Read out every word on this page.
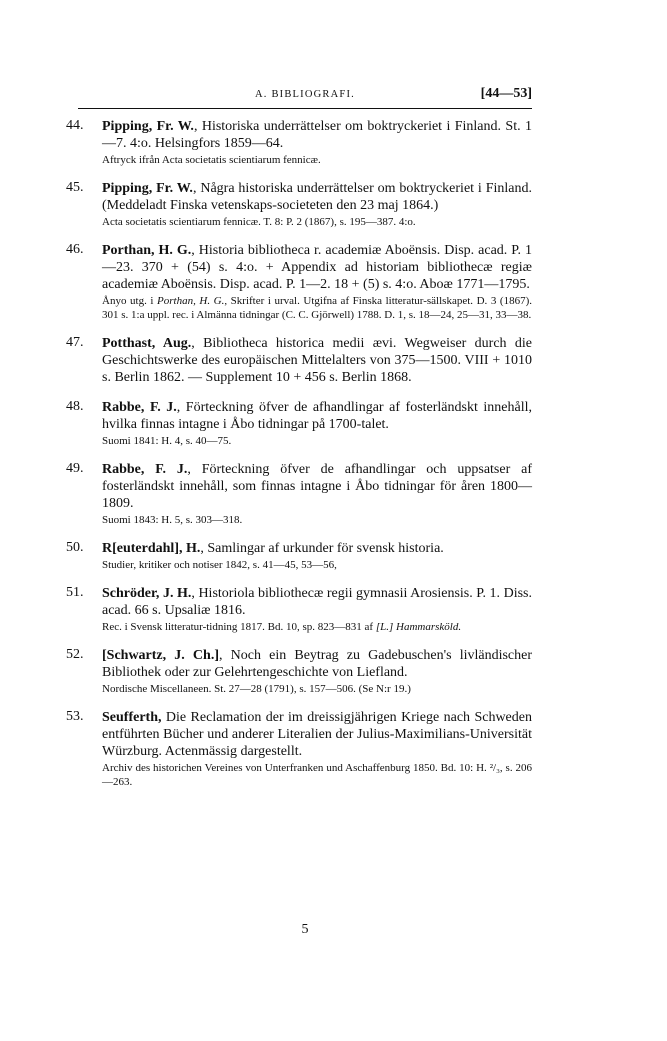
A. BIBLIOGRAFI.	[44—53]
44. Pipping, Fr. W., Historiska underrättelser om boktryckeriet i Finland. St. 1—7. 4:o. Helsingfors 1859—64.
Aftryck ifrån Acta societatis scientiarum fennicæ.
45. Pipping, Fr. W., Några historiska underrättelser om boktryckeriet i Finland. (Meddeladt Finska vetenskaps-societeten den 23 maj 1864.)
Acta societatis scientiarum fennicæ. T. 8: P. 2 (1867), s. 195—387. 4:o.
46. Porthan, H. G., Historia bibliotheca r. academiæ Aboënsis. Disp. acad. P. 1—23. 370 + (54) s. 4:o. + Appendix ad historiam bibliothecæ regiæ academiæ Aboënsis. Disp. acad. P. 1—2. 18 + (5) s. 4:o. Aboæ 1771—1795.
Ånyo utg. i Porthan, H. G., Skrifter i urval. Utgifna af Finska litteratur-sällskapet. D. 3 (1867). 301 s. 1:a uppl. rec. i Almänna tidningar (C. C. Gjörwell) 1788. D. 1, s. 18—24, 25—31, 33—38.
47. Potthast, Aug., Bibliotheca historica medii ævi. Wegweiser durch die Geschichtswerke des europäischen Mittelalters von 375—1500. VIII + 1010 s. Berlin 1862. — Supplement 10 + 456 s. Berlin 1868.
48. Rabbe, F. J., Förteckning öfver de afhandlingar af fosterländskt innehåll, hvilka finnas intagne i Åbo tidningar på 1700-talet.
Suomi 1841: H. 4, s. 40—75.
49. Rabbe, F. J., Förteckning öfver de afhandlingar och uppsatser af fosterländskt innehåll, som finnas intagne i Åbo tidningar för åren 1800—1809.
Suomi 1843: H. 5, s. 303—318.
50. R[euterdahl], H., Samlingar af urkunder för svensk historia.
Studier, kritiker och notiser 1842, s. 41—45, 53—56,
51. Schröder, J. H., Historiola bibliothecæ regii gymnasii Arosiensis. P. 1. Diss. acad. 66 s. Upsaliæ 1816.
Rec. i Svensk litteratur-tidning 1817. Bd. 10, sp. 823—831 af [L.] Hammarsköld.
52. [Schwartz, J. Ch.], Noch ein Beytrag zu Gadebuschen's livländischer Bibliothek oder zur Gelehrtengeschichte von Liefland.
Nordische Miscellaneen. St. 27—28 (1791), s. 157—506. (Se N:r 19.)
53. Seufferth, Die Reclamation der im dreissigjährigen Kriege nach Schweden entführten Bücher und anderer Literalien der Julius-Maximilians-Universität Würzburg. Actenmässig dargestellt.
Archiv des historichen Vereines von Unterfranken und Aschaffenburg 1850. Bd. 10: H. ²/₃, s. 206—263.
5
